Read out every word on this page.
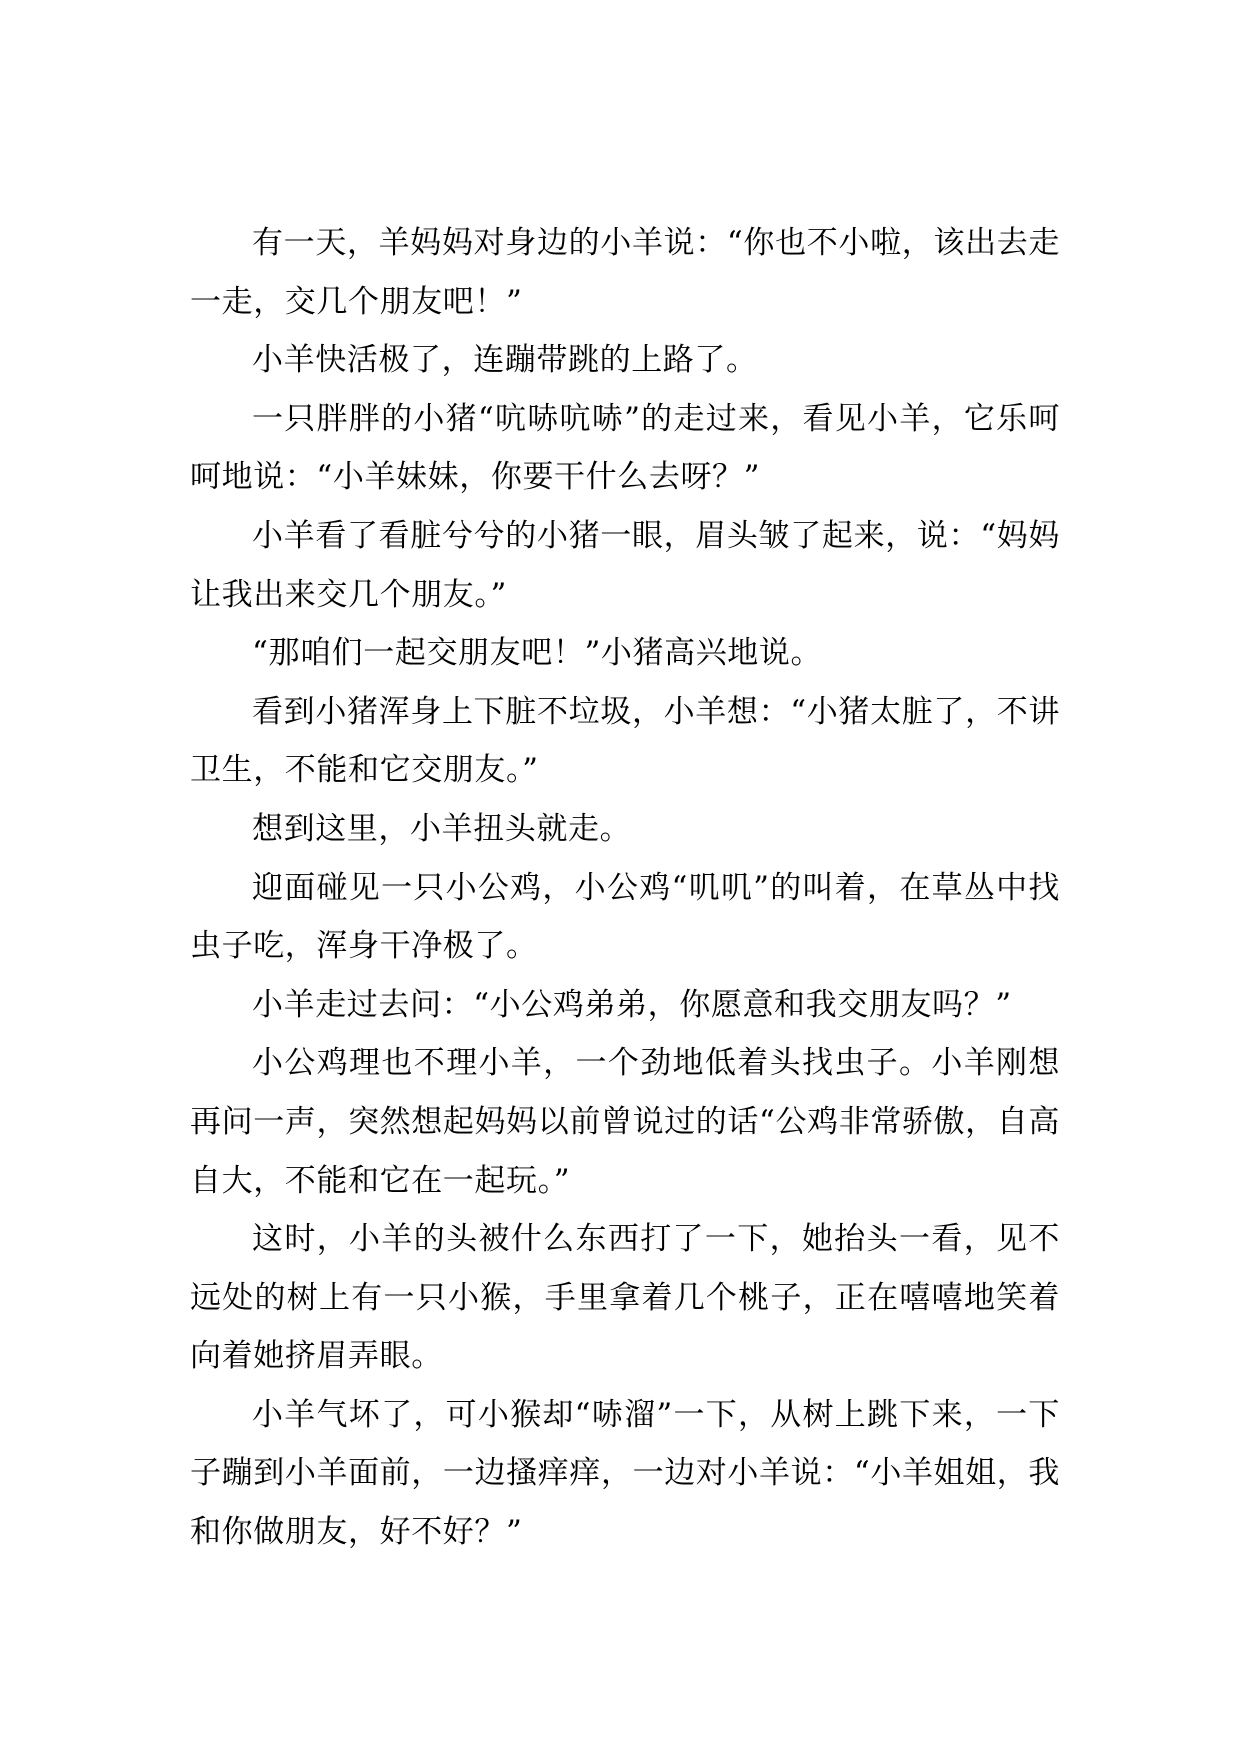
有一天，羊妈妈对身边的小羊说：“你也不小啦，该出去走一走，交几个朋友吧！”

小羊快活极了，连蹦带跳的上路了。

一只胖胖的小猪“吭哧吭哧”的走过来，看见小羊，它乐呵呵地说：“小羊妹妹，你要干什么去呀？”

小羊看了看脏兮兮的小猪一眼，眉头皱了起来，说：“妈妈让我出来交几个朋友。”

“那咱们一起交朋友吧！”小猪高兴地说。

看到小猪浑身上下脏不垃圾，小羊想：“小猪太脏了，不讲卫生，不能和它交朋友。”

想到这里，小羊扭头就走。

迎面碰见一只小公鸡，小公鸡“叽叽”的叫着，在草丛中找虫子吃，浑身干净极了。

小羊走过去问：“小公鸡弟弟，你愿意和我交朋友吗？”

小公鸡理也不理小羊，一个劲地低着头找虫子。小羊刚想再问一声，突然想起妈妈以前曾说过的话“公鸡非常骄傲，自高自大，不能和它在一起玩。”

这时，小羊的头被什么东西打了一下，她抬头一看，见不远处的树上有一只小猴，手里拿着几个桃子，正在嘻嘻地笑着向着她挤眉弄眼。

小羊气坏了，可小猴却“哧溜”一下，从树上跳下来，一下子蹦到小羊面前，一边搔痒痒，一边对小羊说：“小羊姐姐，我和你做朋友，好不好？”
